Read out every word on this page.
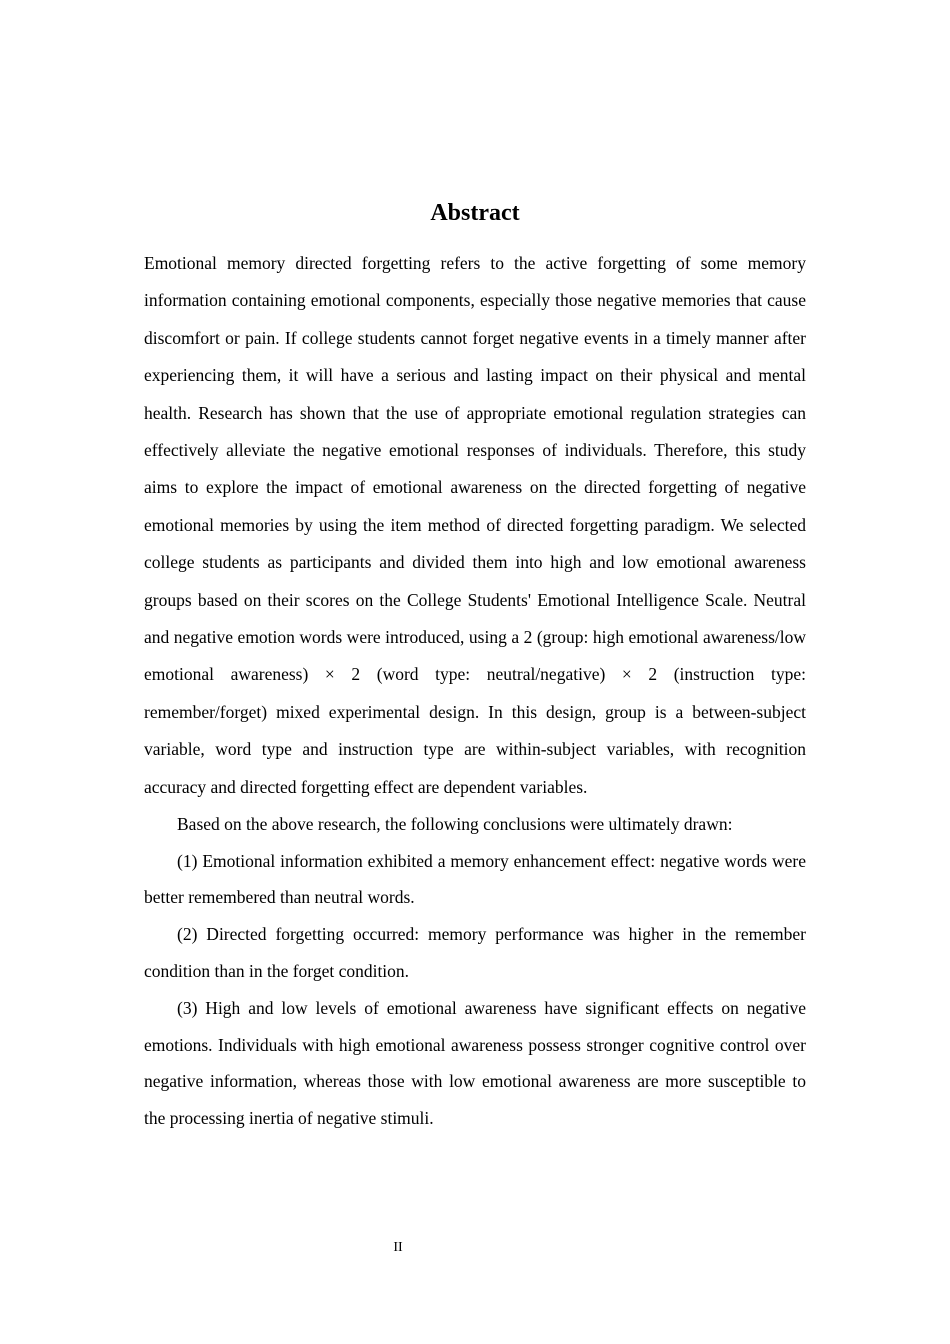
Abstract

Emotional memory directed forgetting refers to the active forgetting of some memory information containing emotional components, especially those negative memories that cause discomfort or pain. If college students cannot forget negative events in a timely manner after experiencing them, it will have a serious and lasting impact on their physical and mental health. Research has shown that the use of appropriate emotional regulation strategies can effectively alleviate the negative emotional responses of individuals. Therefore, this study aims to explore the impact of emotional awareness on the directed forgetting of negative emotional memories by using the item method of directed forgetting paradigm. We selected college students as participants and divided them into high and low emotional awareness groups based on their scores on the College Students' Emotional Intelligence Scale. Neutral and negative emotion words were introduced, using a 2 (group: high emotional awareness/low emotional awareness) × 2 (word type: neutral/negative) × 2 (instruction type: remember/forget) mixed experimental design. In this design, group is a between-subject variable, word type and instruction type are within-subject variables, with recognition accuracy and directed forgetting effect are dependent variables.

Based on the above research, the following conclusions were ultimately drawn:

(1) Emotional information exhibited a memory enhancement effect: negative words were better remembered than neutral words.

(2) Directed forgetting occurred: memory performance was higher in the remember condition than in the forget condition.

(3) High and low levels of emotional awareness have significant effects on negative emotions. Individuals with high emotional awareness possess stronger cognitive control over negative information, whereas those with low emotional awareness are more susceptible to the processing inertia of negative stimuli.

II
